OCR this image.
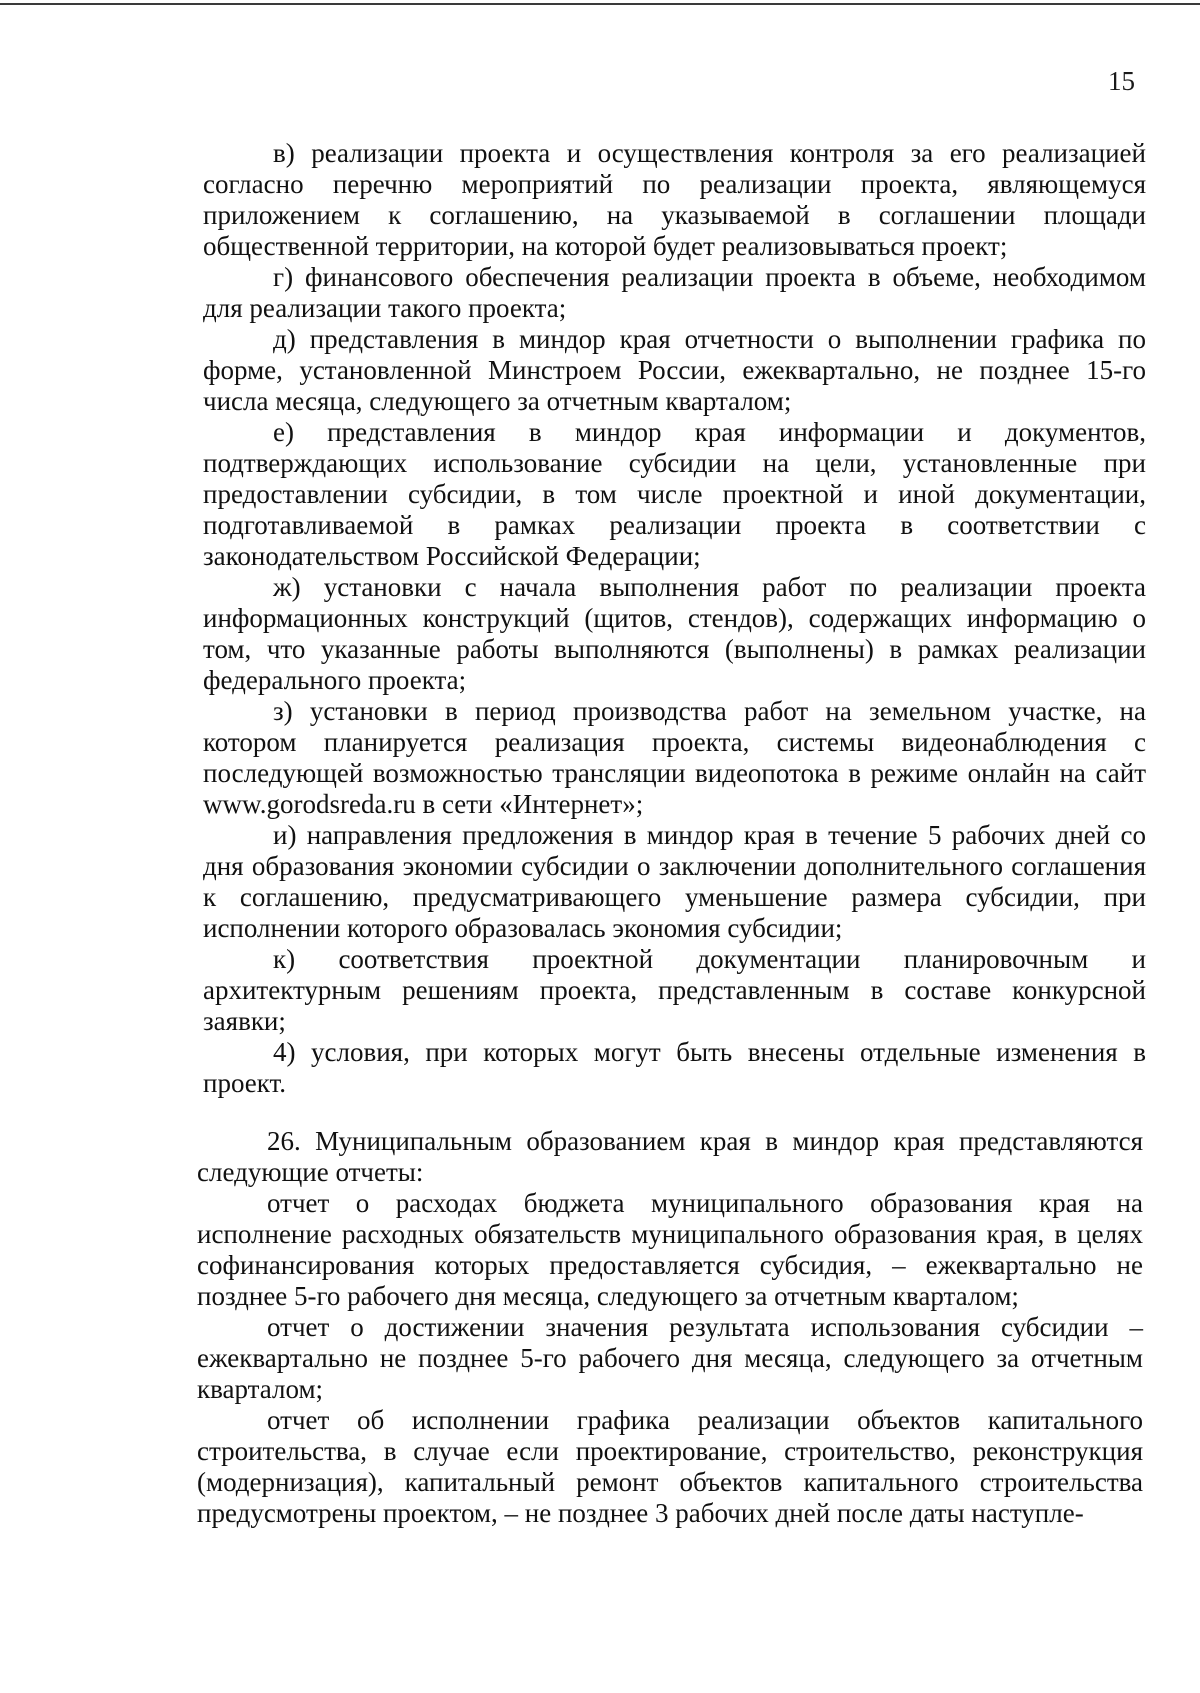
15

в) реализации проекта и осуществления контроля за его реализацией согласно перечню мероприятий по реализации проекта, являющемуся приложением к соглашению, на указываемой в соглашении площади общественной территории, на которой будет реализовываться проект;

г) финансового обеспечения реализации проекта в объеме, необходимом для реализации такого проекта;

д) представления в миндор края отчетности о выполнении графика по форме, установленной Минстроем России, ежеквартально, не позднее 15-го числа месяца, следующего за отчетным кварталом;

е) представления в миндор края информации и документов, подтверждающих использование субсидии на цели, установленные при предоставлении субсидии, в том числе проектной и иной документации, подготавливаемой в рамках реализации проекта в соответствии с законодательством Российской Федерации;

ж) установки с начала выполнения работ по реализации проекта информационных конструкций (щитов, стендов), содержащих информацию о том, что указанные работы выполняются (выполнены) в рамках реализации федерального проекта;

з) установки в период производства работ на земельном участке, на котором планируется реализация проекта, системы видеонаблюдения с последующей возможностью трансляции видеопотока в режиме онлайн на сайт www.gorodsreda.ru в сети «Интернет»;

и) направления предложения в миндор края в течение 5 рабочих дней со дня образования экономии субсидии о заключении дополнительного соглашения к соглашению, предусматривающего уменьшение размера субсидии, при исполнении которого образовалась экономия субсидии;

к) соответствия проектной документации планировочным и архитектурным решениям проекта, представленным в составе конкурсной заявки;

4) условия, при которых могут быть внесены отдельные изменения в проект.

26. Муниципальным образованием края в миндор края представляются следующие отчеты:

отчет о расходах бюджета муниципального образования края на исполнение расходных обязательств муниципального образования края, в целях софинансирования которых предоставляется субсидия, – ежеквартально не позднее 5-го рабочего дня месяца, следующего за отчетным кварталом;

отчет о достижении значения результата использования субсидии – ежеквартально не позднее 5-го рабочего дня месяца, следующего за отчетным кварталом;

отчет об исполнении графика реализации объектов капитального строительства, в случае если проектирование, строительство, реконструкция (модернизация), капитальный ремонт объектов капитального строительства предусмотрены проектом, – не позднее 3 рабочих дней после даты наступле-
